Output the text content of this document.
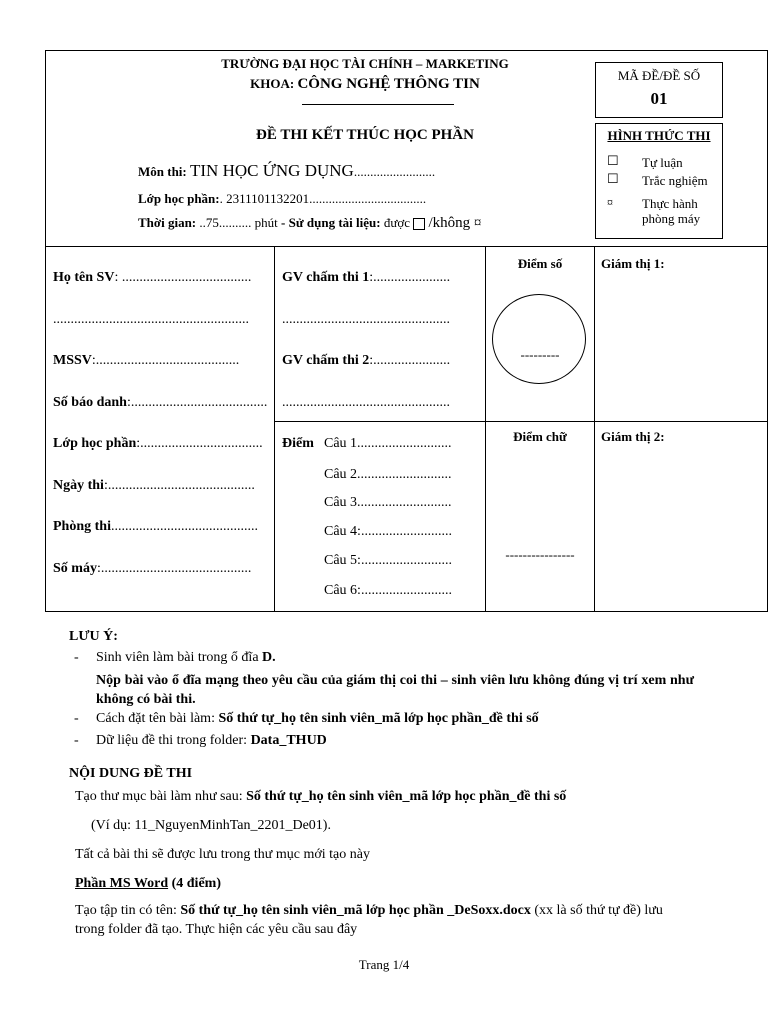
TRƯỜNG ĐẠI HỌC TÀI CHÍNH – MARKETING
KHOA: CÔNG NGHỆ THÔNG TIN
ĐỀ THI KẾT THÚC HỌC PHẦN
Môn thi: TIN HỌC ỨNG DỤNG.........................
Lớp học phần:. 2311101132201....................................
Thời gian: ..75.......... phút - Sử dụng tài liệu: được /không ¤
MÃ ĐỀ/ĐỀ SỐ
01
HÌNH THỨC THI
☐ Tự luận
☐ Trắc nghiệm
¤ Thực hành phòng máy
Họ tên SV: .....................................
........................................................
MSSV:.........................................
Số báo danh:.......................................
Lớp học phần:...................................
Ngày thi:..........................................
Phòng thi..........................................
Số máy:...........................................
GV chấm thi 1:......................
................................................
GV chấm thi 2:......................
................................................
Điểm Câu 1...........................
Câu 2...........................
Câu 3...........................
Câu 4:..........................
Câu 5:..........................
Câu 6:..........................
Điểm số
---------
Điểm chữ
----------------
Giám thị 1:
Giám thị 2:
LƯU Ý:
- Sinh viên làm bài trong ổ đĩa D.
Nộp bài vào ổ đĩa mạng theo yêu cầu của giám thị coi thi – sinh viên lưu không đúng vị trí xem như không có bài thi.
- Cách đặt tên bài làm: Số thứ tự_họ tên sinh viên_mã lớp học phần_đề thi số
- Dữ liệu đề thi trong folder: Data_THUD
NỘI DUNG ĐỀ THI
Tạo thư mục bài làm như sau: Số thứ tự_họ tên sinh viên_mã lớp học phần_đề thi số
(Ví dụ: 11_NguyenMinhTan_2201_De01).
Tất cả bài thi sẽ được lưu trong thư mục mới tạo này
Phần MS Word (4 điểm)
Tạo tập tin có tên: Số thứ tự_họ tên sinh viên_mã lớp học phần _DeSoxx.docx (xx là số thứ tự đề) lưu trong folder đã tạo. Thực hiện các yêu cầu sau đây
Trang 1/4
